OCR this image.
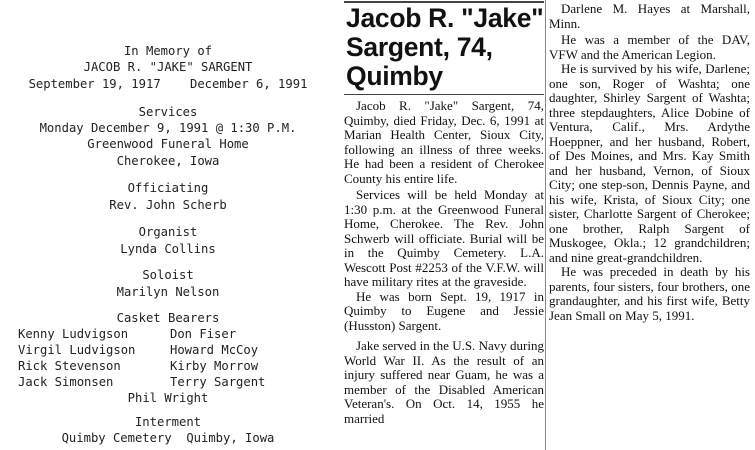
In Memory of
JACOB R. "JAKE" SARGENT
September 19, 1917    December 6, 1991
Services
Monday December 9, 1991 @ 1:30 P.M.
Greenwood Funeral Home
Cherokee, Iowa
Officiating
Rev. John Scherb
Organist
Lynda Collins
Soloist
Marilyn Nelson
Casket Bearers
Kenny Ludvigson	Don Fiser
Virgil Ludvigson	Howard McCoy
Rick Stevenson	Kirby Morrow
Jack Simonsen	Terry Sargent
Phil Wright
Interment
Quimby Cemetery  Quimby, Iowa
Jacob R. "Jake" Sargent, 74, Quimby

Jacob R. "Jake" Sargent, 74, Quimby, died Friday, Dec. 6, 1991 at Marian Health Center, Sioux City, following an illness of three weeks. He had been a resident of Cherokee County his entire life.

Services will be held Monday at 1:30 p.m. at the Greenwood Funeral Home, Cherokee. The Rev. John Schwerb will officiate. Burial will be in the Quimby Cemetery. L.A. Wescott Post #2253 of the V.F.W. will have military rites at the graveside.

He was born Sept. 19, 1917 in Quimby to Eugene and Jessie (Husston) Sargent.

Jake served in the U.S. Navy during World War II. As the result of an injury suffered near Guam, he was a member of the Disabled American Veteran's. On Oct. 14, 1955 he married

Darlene M. Hayes at Marshall, Minn.

He was a member of the DAV, VFW and the American Legion.

He is survived by his wife, Darlene; one son, Roger of Washta; one daughter, Shirley Sargent of Washta; three stepdaughters, Alice Dobine of Ventura, Calif., Mrs. Ardythe Hoeppner, and her husband, Robert, of Des Moines, and Mrs. Kay Smith and her husband, Vernon, of Sioux City; one step-son, Dennis Payne, and his wife, Krista, of Sioux City; one sister, Charlotte Sargent of Cherokee; one brother, Ralph Sargent of Muskogee, Okla.; 12 grandchildren; and nine great-grandchildren.

He was preceded in death by his parents, four sisters, four brothers, one grandaughter, and his first wife, Betty Jean Small on May 5, 1991.
